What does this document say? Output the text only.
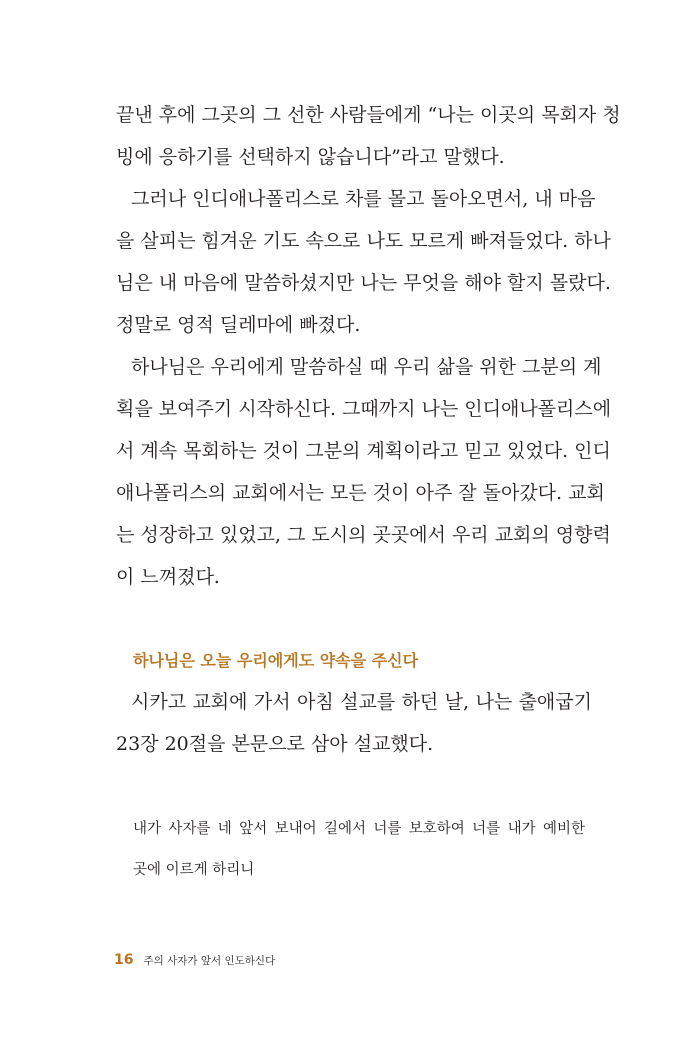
끝낸 후에 그곳의 그 선한 사람들에게 “나는 이곳의 목회자 청
빙에 응하기를 선택하지 않습니다”라고 말했다.
그러나 인디애나폴리스로 차를 몰고 돌아오면서, 내 마음
을 살피는 힘겨운 기도 속으로 나도 모르게 빠져들었다. 하나
님은 내 마음에 말씀하셨지만 나는 무엇을 해야 할지 몰랐다.
정말로 영적 딜레마에 빠졌다.
하나님은 우리에게 말씀하실 때 우리 삶을 위한 그분의 계
획을 보여주기 시작하신다. 그때까지 나는 인디애나폴리스에
서 계속 목회하는 것이 그분의 계획이라고 믿고 있었다. 인디
애나폴리스의 교회에서는 모든 것이 아주 잘 돌아갔다. 교회
는 성장하고 있었고, 그 도시의 곳곳에서 우리 교회의 영향력
이 느껴졌다.
하나님은 오늘 우리에게도 약속을 주신다
시카고 교회에 가서 아침 설교를 하던 날, 나는 출애굽기
23장 20절을 본문으로 삼아 설교했다.
내가 사자를 네 앞서 보내어 길에서 너를 보호하여 너를 내가 예비한
곳에 이르게 하리니
16 주의 사자가 앞서 인도하신다
